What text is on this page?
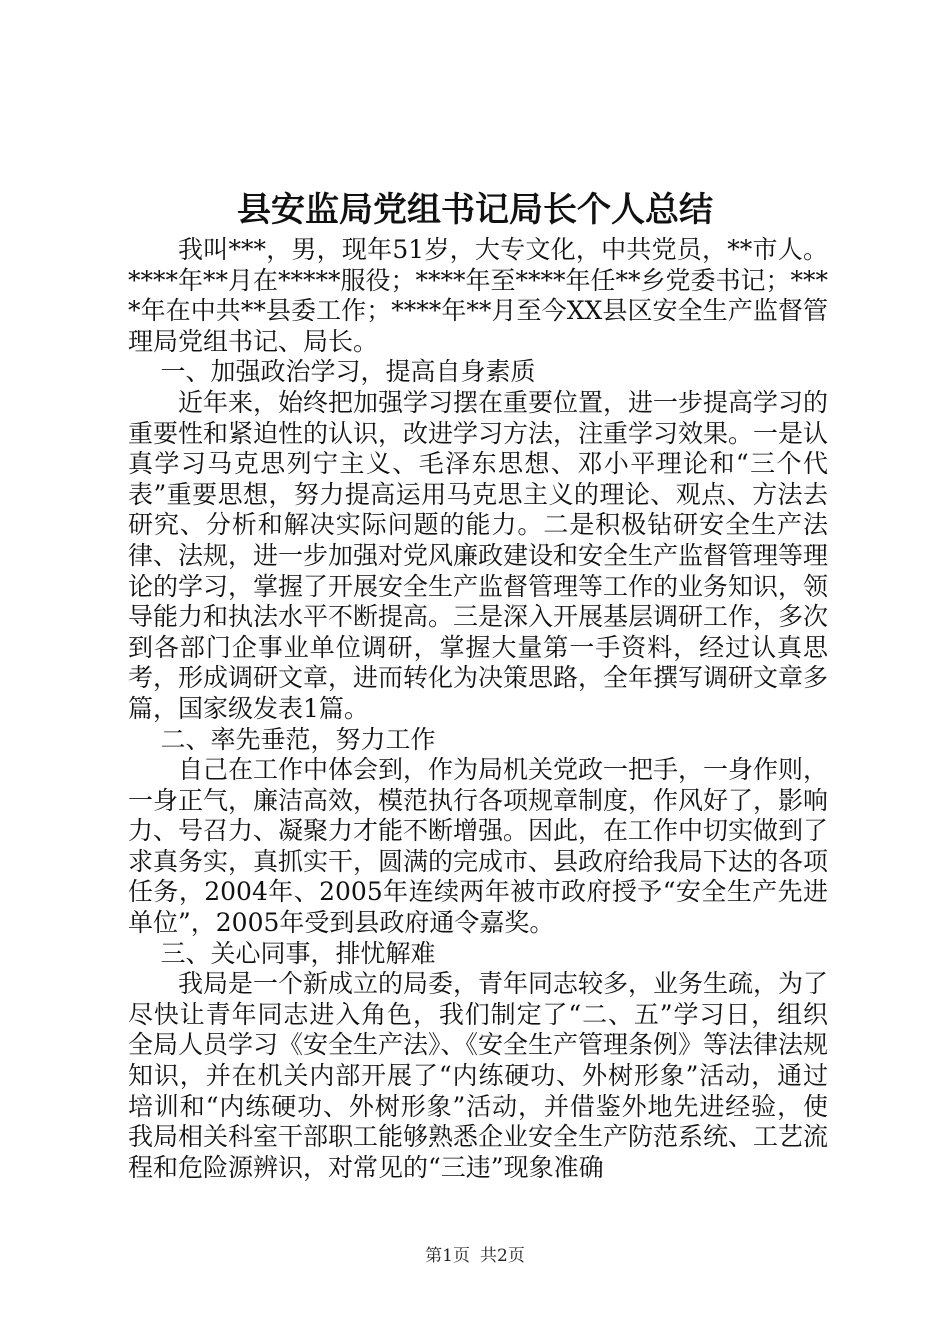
县安监局党组书记局长个人总结

我叫***，男，现年51岁，大专文化，中共党员，**市人。****年**月在*****服役；****年至****年任**乡党委书记；****年在中共**县委工作；****年**月至今XX县区安全生产监督管理局党组书记、局长。

一、加强政治学习，提高自身素质

近年来，始终把加强学习摆在重要位置，进一步提高学习的重要性和紧迫性的认识，改进学习方法，注重学习效果。一是认真学习马克思列宁主义、毛泽东思想、邓小平理论和“三个代表”重要思想，努力提高运用马克思主义的理论、观点、方法去研究、分析和解决实际问题的能力。二是积极钻研安全生产法律、法规，进一步加强对党风廉政建设和安全生产监督管理等理论的学习，掌握了开展安全生产监督管理等工作的业务知识，领导能力和执法水平不断提高。三是深入开展基层调研工作，多次到各部门企事业单位调研，掌握大量第一手资料，经过认真思考，形成调研文章，进而转化为决策思路，全年撰写调研文章多篇，国家级发表1篇。

二、率先垂范，努力工作

自己在工作中体会到，作为局机关党政一把手，一身作则，一身正气，廉洁高效，模范执行各项规章制度，作风好了，影响力、号召力、凝聚力才能不断增强。因此，在工作中切实做到了求真务实，真抓实干，圆满的完成市、县政府给我局下达的各项任务，2004年、2005年连续两年被市政府授予“安全生产先进单位”，2005年受到县政府通令嘉奖。

三、关心同事，排忧解难

我局是一个新成立的局委，青年同志较多，业务生疏，为了尽快让青年同志进入角色，我们制定了“二、五”学习日，组织全局人员学习《安全生产法》、《安全生产管理条例》等法律法规知识，并在机关内部开展了“内练硬功、外树形象”活动，通过培训和“内练硬功、外树形象”活动，并借鉴外地先进经验，使我局相关科室干部职工能够熟悉企业安全生产防范系统、工艺流程和危险源辨识，对常见的“三违”现象准确

第1页 共2页
